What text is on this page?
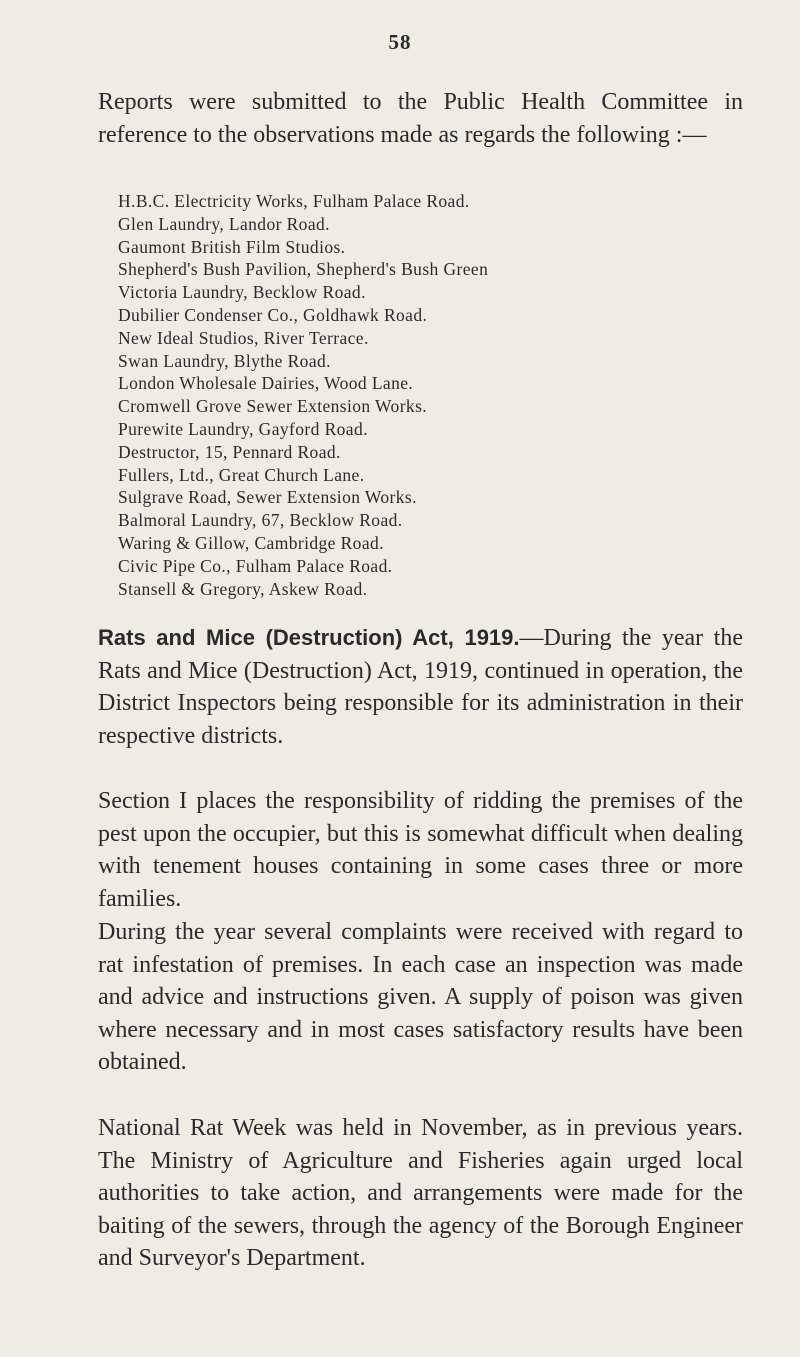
58

Reports were submitted to the Public Health Committee in reference to the observations made as regards the following :—

H.B.C. Electricity Works, Fulham Palace Road.
Glen Laundry, Landor Road.
Gaumont British Film Studios.
Shepherd's Bush Pavilion, Shepherd's Bush Green
Victoria Laundry, Becklow Road.
Dubilier Condenser Co., Goldhawk Road.
New Ideal Studios, River Terrace.
Swan Laundry, Blythe Road.
London Wholesale Dairies, Wood Lane.
Cromwell Grove Sewer Extension Works.
Purewite Laundry, Gayford Road.
Destructor, 15, Pennard Road.
Fullers, Ltd., Great Church Lane.
Sulgrave Road, Sewer Extension Works.
Balmoral Laundry, 67, Becklow Road.
Waring & Gillow, Cambridge Road.
Civic Pipe Co., Fulham Palace Road.
Stansell & Gregory, Askew Road.

Rats and Mice (Destruction) Act, 1919.—During the year the Rats and Mice (Destruction) Act, 1919, continued in operation, the District Inspectors being responsible for its administration in their respective districts.

Section I places the responsibility of ridding the premises of the pest upon the occupier, but this is somewhat difficult when dealing with tenement houses containing in some cases three or more families.

During the year several complaints were received with regard to rat infestation of premises. In each case an inspection was made and advice and instructions given. A supply of poison was given where necessary and in most cases satisfactory results have been obtained.

National Rat Week was held in November, as in previous years. The Ministry of Agriculture and Fisheries again urged local authorities to take action, and arrangements were made for the baiting of the sewers, through the agency of the Borough Engineer and Surveyor's Department.
